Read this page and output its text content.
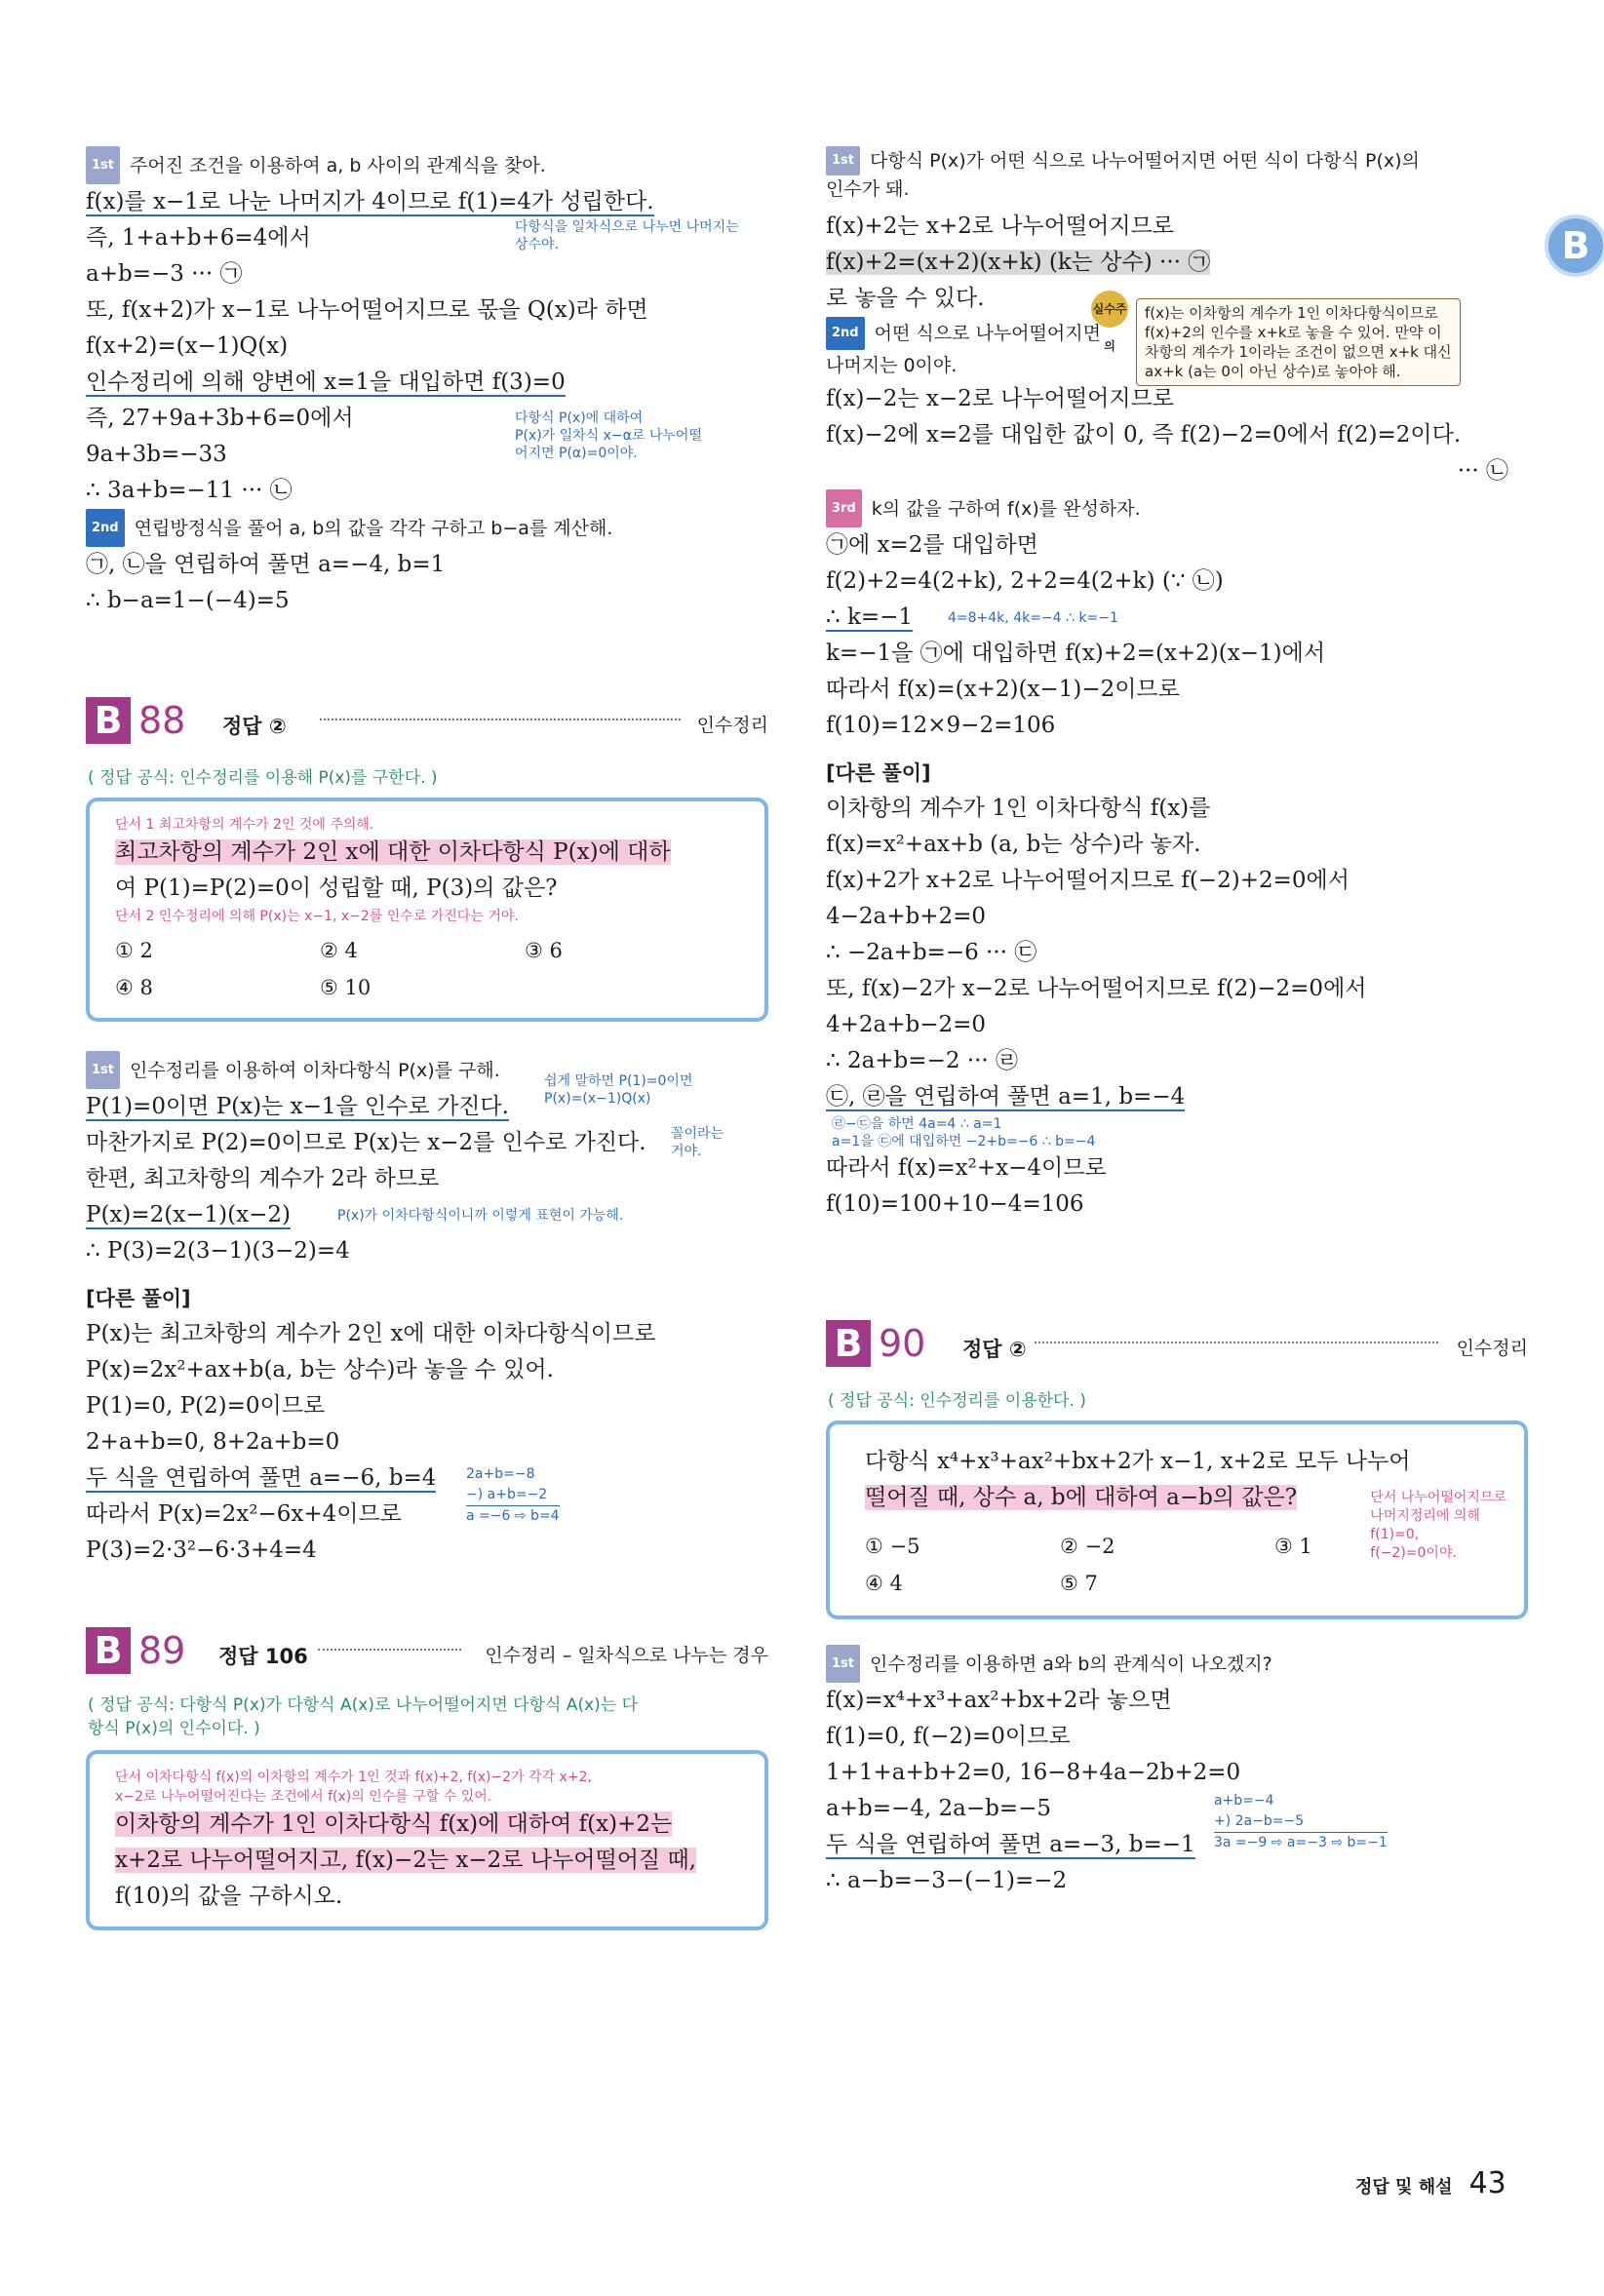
B
1st 주어진 조건을 이용하여 a, b 사이의 관계식을 찾아.
f(x)를 x−1로 나눈 나머지가 4이므로 f(1)=4가 성립한다.
다항식을 일차식으로 나누면 나머지는
상수야.
즉, 1+a+b+6=4에서
a+b=−3 ··· ㉠
또, f(x+2)가 x−1로 나누어떨어지므로 몫을 Q(x)라 하면
f(x+2)=(x−1)Q(x)
인수정리에 의해 양변에 x=1을 대입하면 f(3)=0
다항식 P(x)에 대하여
P(x)가 일차식 x−α로 나누어떨
어지면 P(α)=0이야.
즉, 27+9a+3b+6=0에서
9a+3b=−33
∴ 3a+b=−11 ··· ㉡
2nd 연립방정식을 풀어 a, b의 값을 각각 구하고 b−a를 계산해.
㉠, ㉡을 연립하여 풀면 a=−4, b=1
∴ b−a=1−(−4)=5
B 88 정답 ②	인수정리
( 정답 공식: 인수정리를 이용해 P(x)를 구한다. )
단서 1 최고차항의 계수가 2인 것에 주의해.
최고차항의 계수가 2인 x에 대한 이차다항식 P(x)에 대하
여 P(1)=P(2)=0이 성립할 때, P(3)의 값은?
단서 2 인수정리에 의해 P(x)는 x−1, x−2를 인수로 가진다는 거야.
① 2	② 4	③ 6
④ 8	⑤ 10
1st 인수정리를 이용하여 이차다항식 P(x)를 구해.	쉽게 말하면 P(1)=0이면
P(x)=(x−1)Q(x)
P(1)=0이면 P(x)는 x−1을 인수로 가진다.
마찬가지로 P(2)=0이므로 P(x)는 x−2를 인수로 가진다.	꼴이라는
거야.
한편, 최고차항의 계수가 2라 하므로
P(x)=2(x−1)(x−2)	P(x)가 이차다항식이니까 이렇게 표현이 가능해.
∴ P(3)=2(3−1)(3−2)=4
[다른 풀이]
P(x)는 최고차항의 계수가 2인 x에 대한 이차다항식이므로
P(x)=2x²+ax+b(a, b는 상수)라 놓을 수 있어.
P(1)=0, P(2)=0이므로
2+a+b=0, 8+2a+b=0
두 식을 연립하여 풀면 a=−6, b=4
따라서 P(x)=2x²−6x+4이므로
P(3)=2·3²−6·3+4=4
2a+b=−8
−) a+b=−2
a =−6 ⇨ b=4
B 89 정답 106	인수정리 – 일차식으로 나누는 경우
( 정답 공식: 다항식 P(x)가 다항식 A(x)로 나누어떨어지면 다항식 A(x)는 다
항식 P(x)의 인수이다. )
단서 이차다항식 f(x)의 이차항의 계수가 1인 것과 f(x)+2, f(x)−2가 각각 x+2,
x−2로 나누어떨어진다는 조건에서 f(x)의 인수를 구할 수 있어.
이차항의 계수가 1인 이차다항식 f(x)에 대하여 f(x)+2는
x+2로 나누어떨어지고, f(x)−2는 x−2로 나누어떨어질 때,
f(10)의 값을 구하시오.
1st 다항식 P(x)가 어떤 식으로 나누어떨어지면 어떤 식이 다항식 P(x)의
인수가 돼.
f(x)+2는 x+2로 나누어떨어지므로
f(x)+2=(x+2)(x+k) (k는 상수) ··· ㉠
로 놓을 수 있다.	실수주의
f(x)는 이차항의 계수가 1인 이차다항식이므로
f(x)+2의 인수를 x+k로 놓을 수 있어. 만약 이
차항의 계수가 1이라는 조건이 없으면 x+k 대신
ax+k (a는 0이 아닌 상수)로 놓아야 해.
2nd 어떤 식으로 나누어떨어지면
나머지는 0이야.
f(x)−2는 x−2로 나누어떨어지므로
f(x)−2에 x=2를 대입한 값이 0, 즉 f(2)−2=0에서 f(2)=2이다.
··· ㉡
3rd k의 값을 구하여 f(x)를 완성하자.
㉠에 x=2를 대입하면
f(2)+2=4(2+k), 2+2=4(2+k) (∵ ㉡)
∴ k=−1	4=8+4k, 4k=−4 ∴ k=−1
k=−1을 ㉠에 대입하면 f(x)+2=(x+2)(x−1)에서
따라서 f(x)=(x+2)(x−1)−2이므로
f(10)=12×9−2=106
[다른 풀이]
이차항의 계수가 1인 이차다항식 f(x)를
f(x)=x²+ax+b (a, b는 상수)라 놓자.
f(x)+2가 x+2로 나누어떨어지므로 f(−2)+2=0에서
4−2a+b+2=0
∴ −2a+b=−6 ··· ㉢
또, f(x)−2가 x−2로 나누어떨어지므로 f(2)−2=0에서
4+2a+b−2=0
∴ 2a+b=−2 ··· ㉣
㉢, ㉣을 연립하여 풀면 a=1, b=−4
㉣−㉢을 하면 4a=4 ∴ a=1
a=1을 ㉢에 대입하면 −2+b=−6 ∴ b=−4
따라서 f(x)=x²+x−4이므로
f(10)=100+10−4=106
B 90 정답 ②	인수정리
( 정답 공식: 인수정리를 이용한다. )
다항식 x⁴+x³+ax²+bx+2가 x−1, x+2로 모두 나누어
떨어질 때, 상수 a, b에 대하여 a−b의 값은?	단서 나누어떨어지므로
나머지정리에 의해
f(1)=0,
f(−2)=0이야.
① −5	② −2	③ 1
④ 4	⑤ 7
1st 인수정리를 이용하면 a와 b의 관계식이 나오겠지?
f(x)=x⁴+x³+ax²+bx+2라 놓으면
f(1)=0, f(−2)=0이므로
1+1+a+b+2=0, 16−8+4a−2b+2=0
a+b=−4, 2a−b=−5
두 식을 연립하여 풀면 a=−3, b=−1
∴ a−b=−3−(−1)=−2
a+b=−4
+) 2a−b=−5
3a =−9 ⇨ a=−3 ⇨ b=−1
정답 및 해설 43
